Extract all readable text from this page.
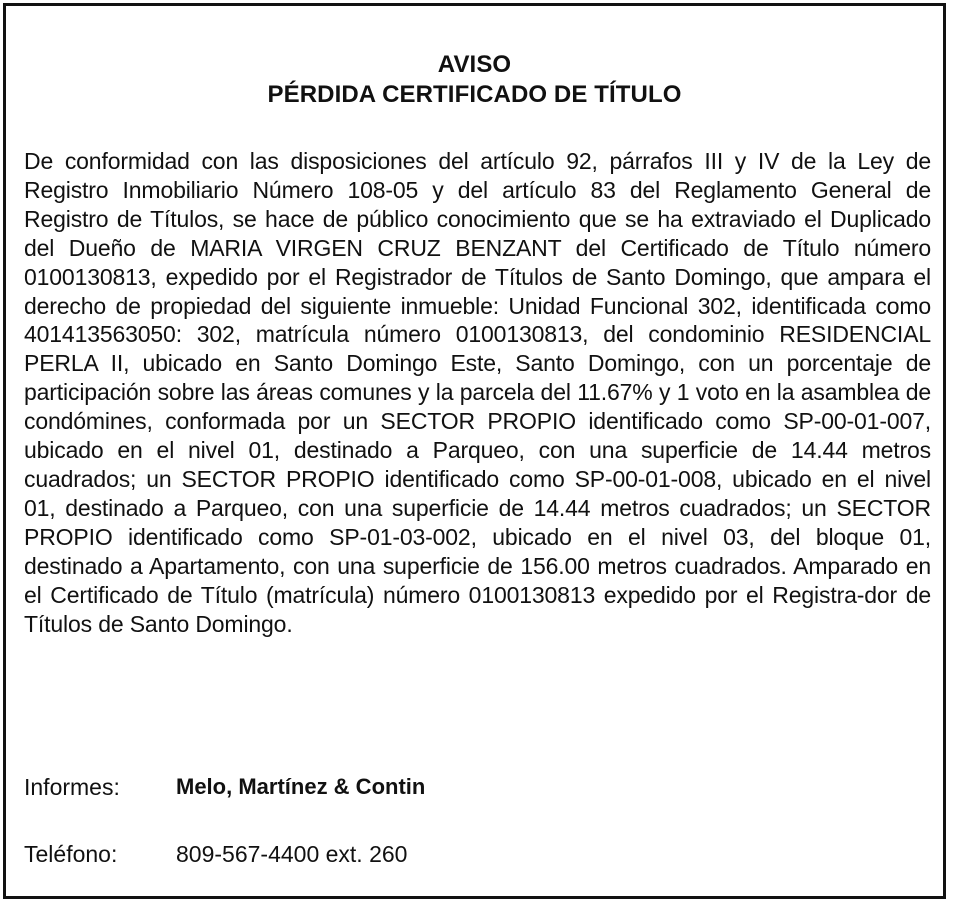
AVISO
PÉRDIDA CERTIFICADO DE TÍTULO
De conformidad con las disposiciones del artículo 92, párrafos III y IV de la Ley de Registro Inmobiliario Número 108-05 y del artículo 83 del Reglamento General de Registro de Títulos, se hace de público conocimiento que se ha extraviado el Duplicado del Dueño de MARIA VIRGEN CRUZ BENZANT del Certificado de Título número 0100130813, expedido por el Registrador de Títulos de Santo Domingo, que ampara el derecho de propiedad del siguiente inmueble: Unidad Funcional 302, identificada como 401413563050: 302, matrícula número 0100130813, del condominio RESIDENCIAL PERLA II, ubicado en Santo Domingo Este, Santo Domingo, con un porcentaje de participación sobre las áreas comunes y la parcela del 11.67% y 1 voto en la asamblea de condómines, conformada por un SECTOR PROPIO identificado como SP-00-01-007, ubicado en el nivel 01, destinado a Parqueo, con una superficie de 14.44 metros cuadrados; un SECTOR PROPIO identificado como SP-00-01-008, ubicado en el nivel 01, destinado a Parqueo, con una superficie de 14.44 metros cuadrados; un SECTOR PROPIO identificado como SP-01-03-002, ubicado en el nivel 03, del bloque 01, destinado a Apartamento, con una superficie de 156.00 metros cuadrados. Amparado en el Certificado de Título (matrícula) número 0100130813 expedido por el Registra-dor de Títulos de Santo Domingo.
Informes:	Melo, Martínez & Contin
Teléfono:	809-567-4400 ext. 260
